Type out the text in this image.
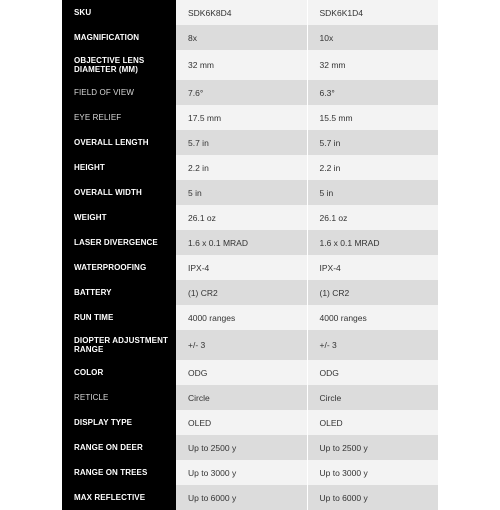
SKU	SDK6K8D4	SDK6K1D4
MAGNIFICATION	8x	10x
OBJECTIVE LENS DIAMETER (MM)	32 mm	32 mm
FIELD OF VIEW	7.6°	6.3°
EYE RELIEF	17.5 mm	15.5 mm
OVERALL LENGTH	5.7 in	5.7 in
HEIGHT	2.2 in	2.2 in
OVERALL WIDTH	5 in	5 in
WEIGHT	26.1 oz	26.1 oz
LASER DIVERGENCE	1.6 x 0.1 MRAD	1.6 x 0.1 MRAD
WATERPROOFING	IPX-4	IPX-4
BATTERY	(1) CR2	(1) CR2
RUN TIME	4000 ranges	4000 ranges
DIOPTER ADJUSTMENT RANGE	+/- 3	+/- 3
COLOR	ODG	ODG
RETICLE	Circle	Circle
DISPLAY TYPE	OLED	OLED
RANGE ON DEER	Up to 2500 y	Up to 2500 y
RANGE ON TREES	Up to 3000 y	Up to 3000 y
MAX REFLECTIVE	Up to 6000 y	Up to 6000 y
